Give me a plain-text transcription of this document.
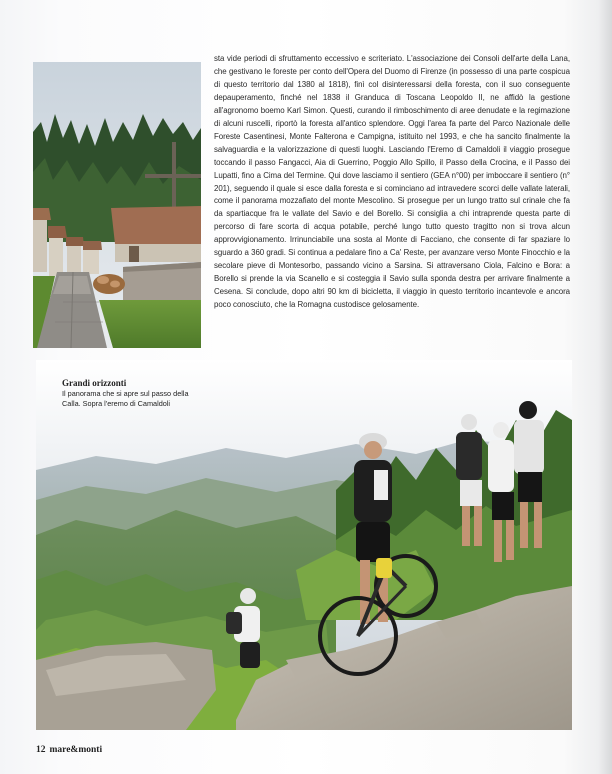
sta vide periodi di sfruttamento eccessivo e scriteriato. L'associazione dei Consoli dell'arte della Lana, che gestivano le foreste per conto dell'Opera del Duomo di Firenze (in possesso di una parte cospicua di questo territorio dal 1380 al 1818), finì col disinteressarsi della foresta, con il suo conseguente depauperamento, finché nel 1838 il Granduca di Toscana Leopoldo II, ne affidò la gestione all'agronomo boemo Karl Simon. Questi, curando il rimboschimento di aree denudate e la regimazione di alcuni ruscelli, riportò la foresta all'antico splendore. Oggi l'area fa parte del Parco Nazionale delle Foreste Casentinesi, Monte Falterona e Campigna, istituito nel 1993, e che ha sancito finalmente la salvaguardia e la valorizzazione di questi luoghi. Lasciando l'Eremo di Camaldoli il viaggio prosegue toccando il passo Fangacci, Aia di Guerrino, Poggio Allo Spillo, il Passo della Crocina, e il Passo dei Lupatti, fino a Cima del Termine. Qui dove lasciamo il sentiero (GEA n°00) per imboccare il sentiero (n° 201), seguendo il quale si esce dalla foresta e si cominciano ad intravedere scorci delle vallate laterali, come il panorama mozzafiato del monte Mescolino. Si prosegue per un lungo tratto sul crinale che fa da spartiacque fra le vallate del Savio e del Borello. Si consiglia a chi intraprende questa parte di percorso di fare scorta di acqua potabile, perché lungo tutto questo tragitto non si trova alcun approvvigionamento. Irrinunciabile una sosta al Monte di Facciano, che consente di far spaziare lo sguardo a 360 gradi. Si continua a pedalare fino a Ca' Reste, per avanzare verso Monte Finocchio e la secolare pieve di Montesorbo, passando vicino a Sarsina. Si attraversano Ciola, Falcino e Bora: a Borello si prende la via Scanello e si costeggia il Savio sulla sponda destra per arrivare finalmente a Cesena. Si conclude, dopo altri 90 km di bicicletta, il viaggio in questo territorio incantevole e ancora poco conosciuto, che la Romagna custodisce gelosamente.

Grandi orizzonti
Il panorama che si apre sul passo della Calla. Sopra l'eremo di Camaldoli
12 mare&monti
